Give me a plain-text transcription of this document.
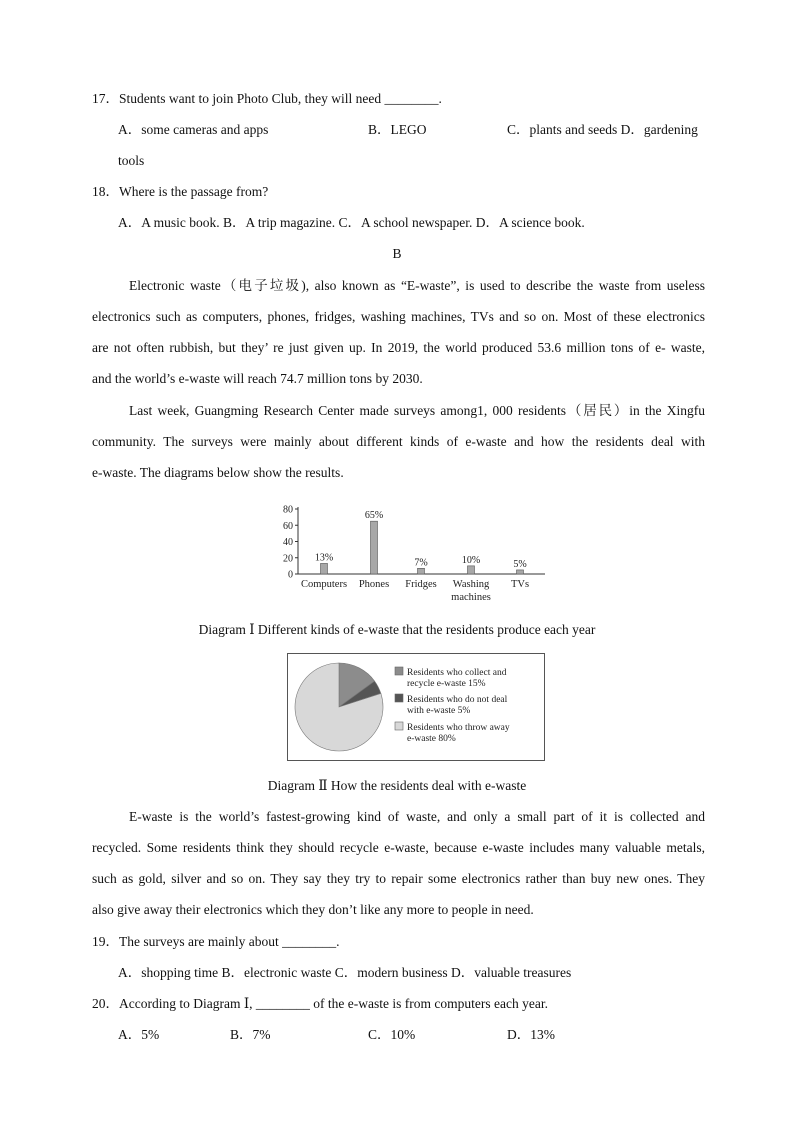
17．Students want to join Photo Club, they will need ________.
A．some cameras and apps	B．LEGO	C．plants and seeds D．gardening
tools
18．Where is the passage from?
A．A music book. B．A trip magazine. C．A school newspaper. D．A science book.
B
Electronic waste（电子垃圾), also known as “E-waste”, is used to describe the waste from useless
electronics such as computers, phones, fridges, washing machines, TVs and so on. Most of these electronics
are not often rubbish, but they’ re just given up. In 2019, the world produced 53.6 million tons of e- waste,
and the world’s e-waste will reach 74.7 million tons by 2030.
Last week, Guangming Research Center made surveys among1, 000 residents（居民）in the Xingfu
community. The surveys were mainly about different kinds of e-waste and how the residents deal with
e-waste. The diagrams below show the results.
80
60
40
20
0
13%
Computers
65%
Phones
7%
Fridges
10%
Washing
machines
5%
TVs
Diagram Ⅰ Different kinds of e-waste that the residents produce each year
Residents who collect and
recycle e-waste 15%
Residents who do not deal
with e-waste 5%
Residents who throw away
e-waste 80%
Diagram Ⅱ How the residents deal with e-waste
E-waste is the world’s fastest-growing kind of waste, and only a small part of it is collected and
recycled. Some residents think they should recycle e-waste, because e-waste includes many valuable metals,
such as gold, silver and so on. They say they try to repair some electronics rather than buy new ones. They
also give away their electronics which they don’t like any more to people in need.
19．The surveys are mainly about ________.
A．shopping time B．electronic waste C．modern business D．valuable treasures
20．According to Diagram Ⅰ, ________ of the e-waste is from computers each year.
A．5%	B．7%	C．10%	D．13%
